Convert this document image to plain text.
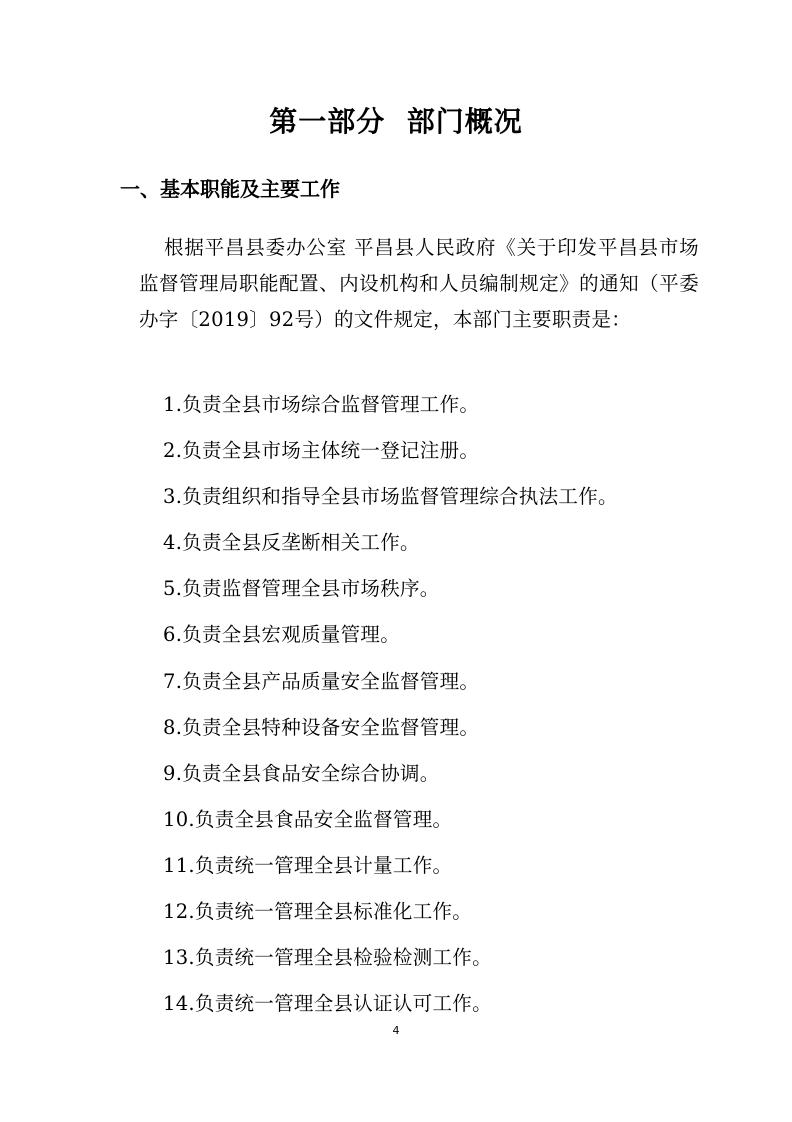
第一部分  部门概况
一、基本职能及主要工作

根据平昌县委办公室 平昌县人民政府《关于印发平昌县市场监督管理局职能配置、内设机构和人员编制规定》的通知（平委办字〔2019〕92号）的文件规定，本部门主要职责是：

1.负责全县市场综合监督管理工作。
2.负责全县市场主体统一登记注册。
3.负责组织和指导全县市场监督管理综合执法工作。
4.负责全县反垄断相关工作。
5.负责监督管理全县市场秩序。
6.负责全县宏观质量管理。
7.负责全县产品质量安全监督管理。
8.负责全县特种设备安全监督管理。
9.负责全县食品安全综合协调。
10.负责全县食品安全监督管理。
11.负责统一管理全县计量工作。
12.负责统一管理全县标准化工作。
13.负责统一管理全县检验检测工作。
14.负责统一管理全县认证认可工作。
4
